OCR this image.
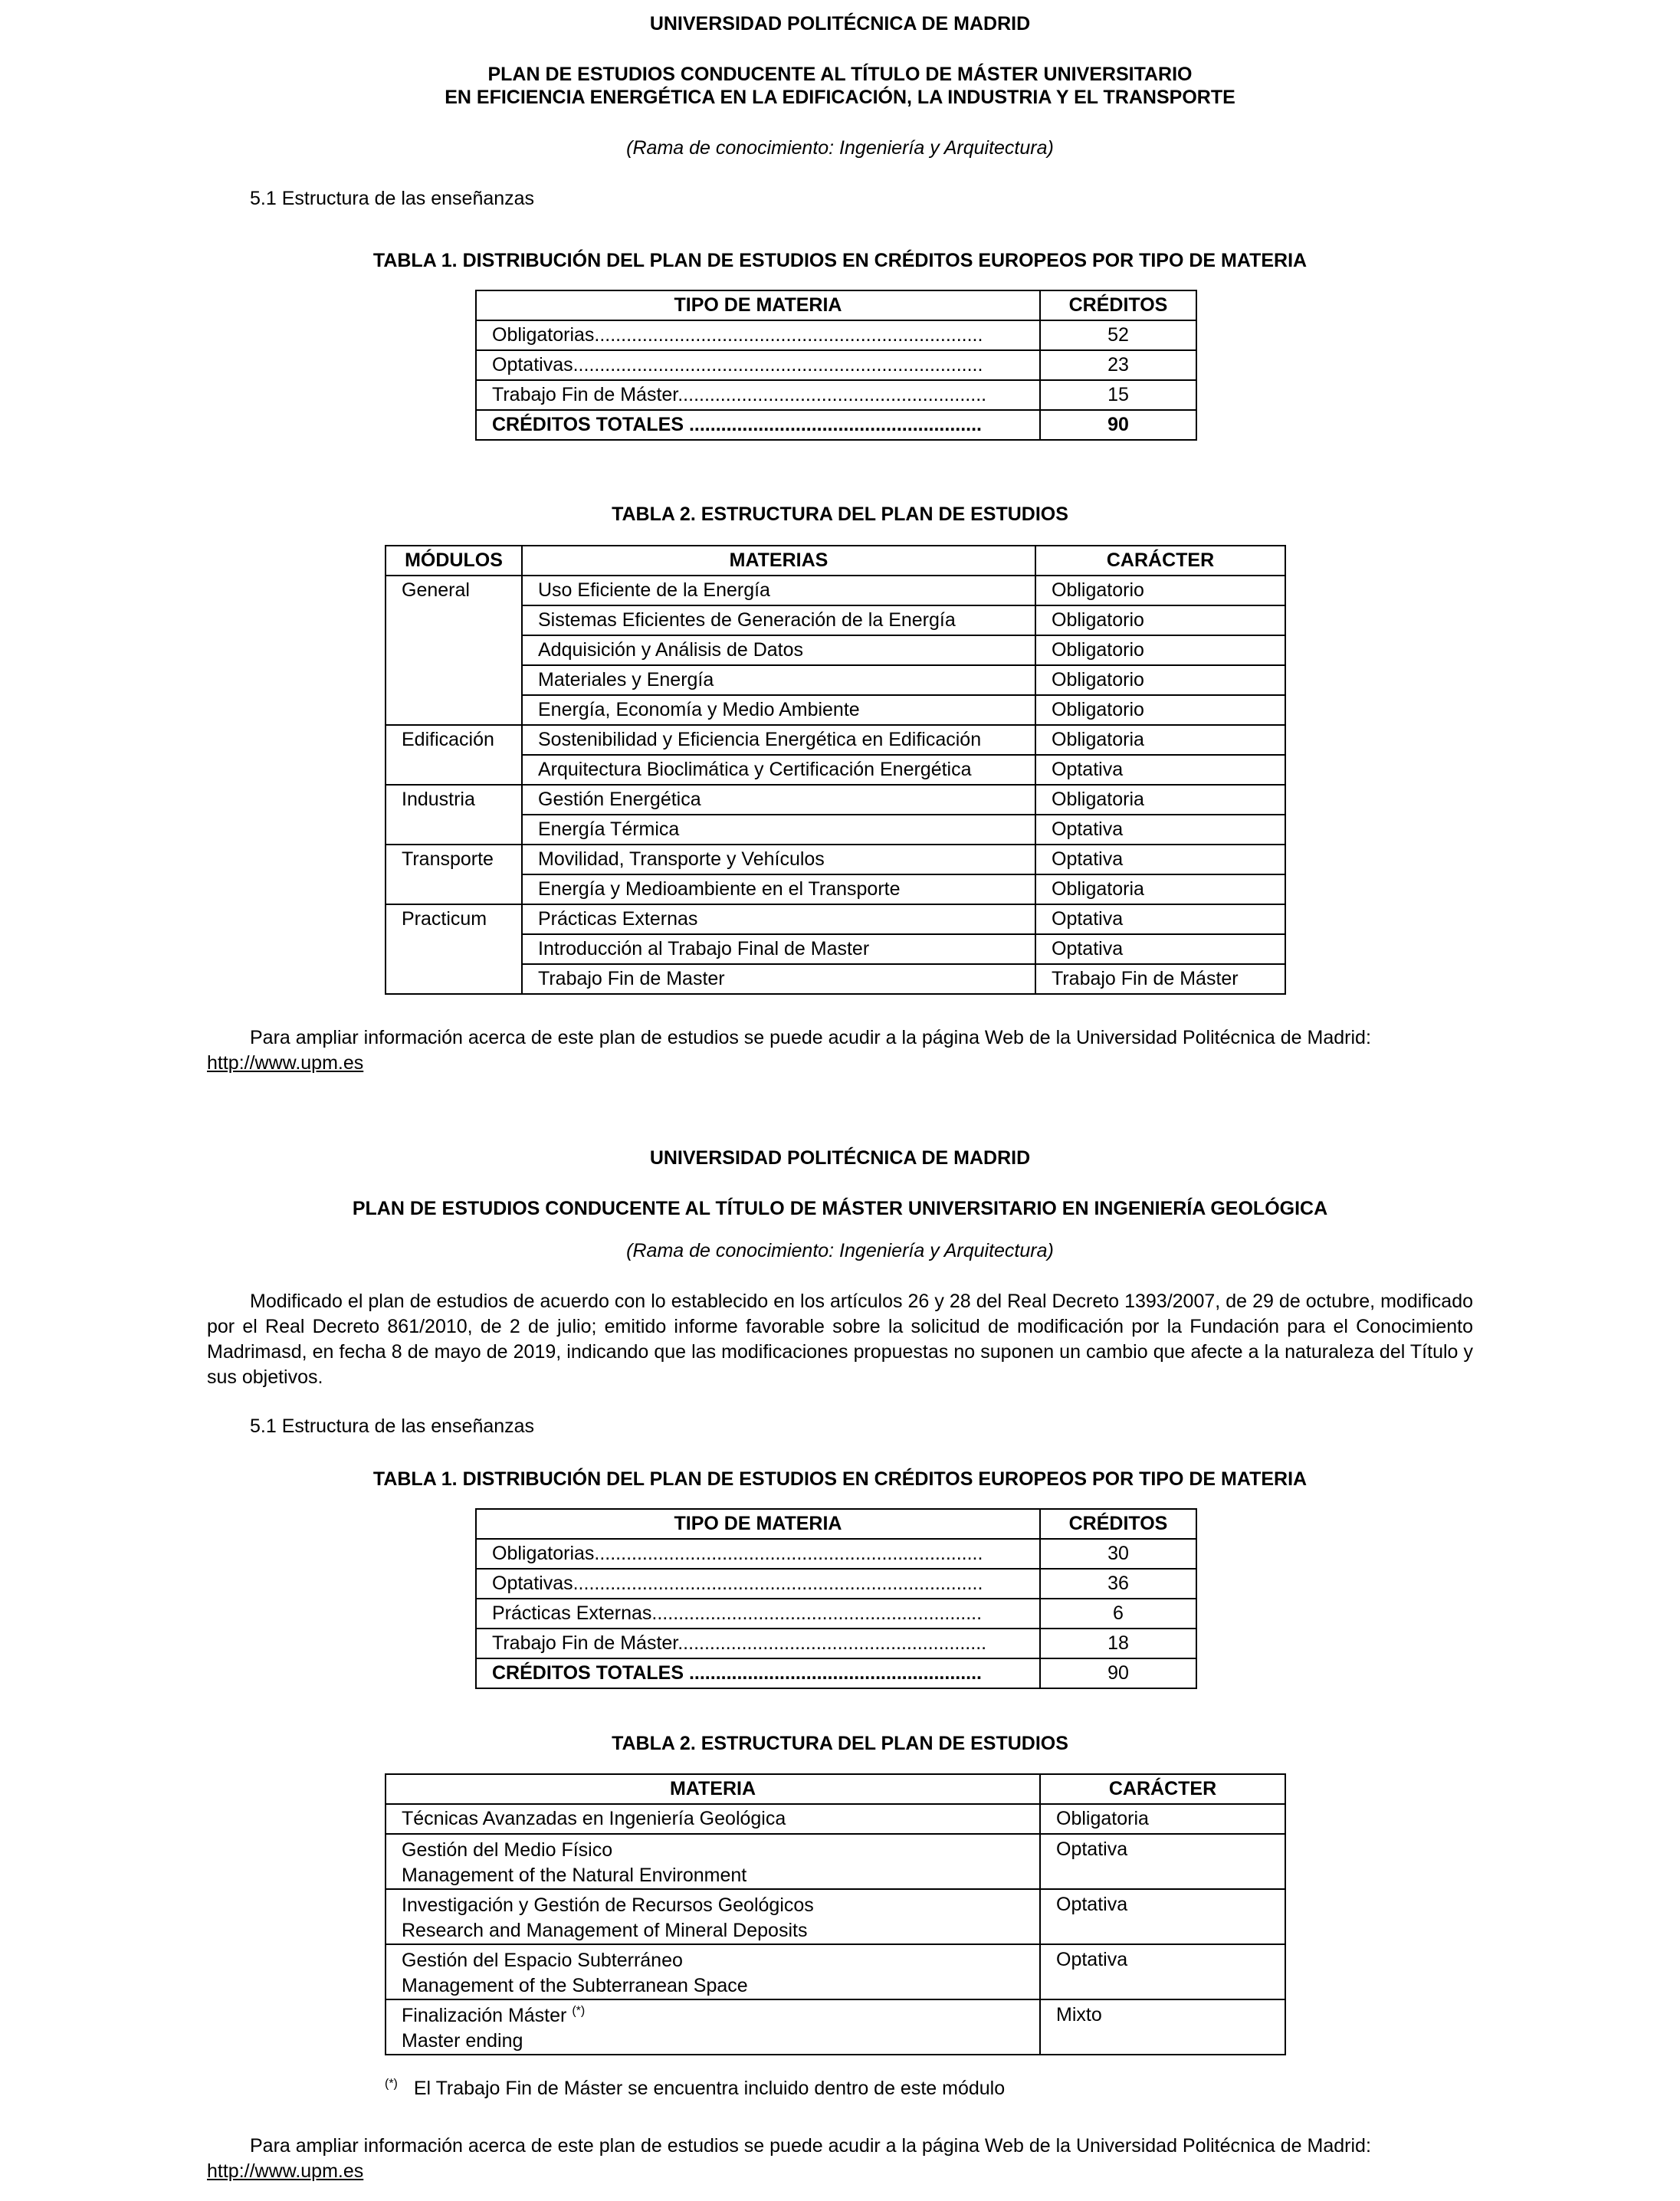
UNIVERSIDAD POLITÉCNICA DE MADRID
PLAN DE ESTUDIOS CONDUCENTE AL TÍTULO DE MÁSTER UNIVERSITARIO
EN EFICIENCIA ENERGÉTICA EN LA EDIFICACIÓN, LA INDUSTRIA Y EL TRANSPORTE
(Rama de conocimiento: Ingeniería y Arquitectura)
5.1 Estructura de las enseñanzas
TABLA 1. DISTRIBUCIÓN DEL PLAN DE ESTUDIOS EN CRÉDITOS EUROPEOS POR TIPO DE MATERIA
TIPO DE MATERIA	CRÉDITOS
Obligatorias.........................................................................	52
Optativas.............................................................................	23
Trabajo Fin de Máster..........................................................	15
CRÉDITOS TOTALES .......................................................	90
TABLA 2. ESTRUCTURA DEL PLAN DE ESTUDIOS
MÓDULOS	MATERIAS	CARÁCTER
General	Uso Eficiente de la Energía	Obligatorio
	Sistemas Eficientes de Generación de la Energía	Obligatorio
	Adquisición y Análisis de Datos	Obligatorio
	Materiales y Energía	Obligatorio
	Energía, Economía y Medio Ambiente	Obligatorio
Edificación	Sostenibilidad y Eficiencia Energética en Edificación	Obligatoria
	Arquitectura Bioclimática y Certificación Energética	Optativa
Industria	Gestión Energética	Obligatoria
	Energía Térmica	Optativa
Transporte	Movilidad, Transporte y Vehículos	Optativa
	Energía y Medioambiente en el Transporte	Obligatoria
Practicum	Prácticas Externas	Optativa
	Introducción al Trabajo Final de Master	Optativa
	Trabajo Fin de Master	Trabajo Fin de Máster
Para ampliar información acerca de este plan de estudios se puede acudir a la página Web de la Universidad Politécnica de Madrid:
http://www.upm.es
UNIVERSIDAD POLITÉCNICA DE MADRID
PLAN DE ESTUDIOS CONDUCENTE AL TÍTULO DE MÁSTER UNIVERSITARIO EN INGENIERÍA GEOLÓGICA
(Rama de conocimiento: Ingeniería y Arquitectura)
Modificado el plan de estudios de acuerdo con lo establecido en los artículos 26 y 28 del Real Decreto 1393/2007, de 29 de octubre, modificado por el Real Decreto 861/2010, de 2 de julio; emitido informe favorable sobre la solicitud de modificación por la Fundación para el Conocimiento Madrimasd, en fecha 8 de mayo de 2019, indicando que las modificaciones propuestas no suponen un cambio que afecte a la naturaleza del Título y sus objetivos.
5.1 Estructura de las enseñanzas
TABLA 1. DISTRIBUCIÓN DEL PLAN DE ESTUDIOS EN CRÉDITOS EUROPEOS POR TIPO DE MATERIA
TIPO DE MATERIA	CRÉDITOS
Obligatorias.........................................................................	30
Optativas.............................................................................	36
Prácticas Externas..............................................................	6
Trabajo Fin de Máster..........................................................	18
CRÉDITOS TOTALES .......................................................	90
TABLA 2. ESTRUCTURA DEL PLAN DE ESTUDIOS
MATERIA	CARÁCTER
Técnicas Avanzadas en Ingeniería Geológica	Obligatoria

Gestión del Medio Físico
Management of the Natural Environment	Optativa

Investigación y Gestión de Recursos Geológicos
Research and Management of Mineral Deposits	Optativa

Gestión del Espacio Subterráneo
Management of the Subterranean Space	Optativa

Finalización Máster (*)
Master ending	Mixto
(*) El Trabajo Fin de Máster se encuentra incluido dentro de este módulo
Para ampliar información acerca de este plan de estudios se puede acudir a la página Web de la Universidad Politécnica de Madrid:
http://www.upm.es
